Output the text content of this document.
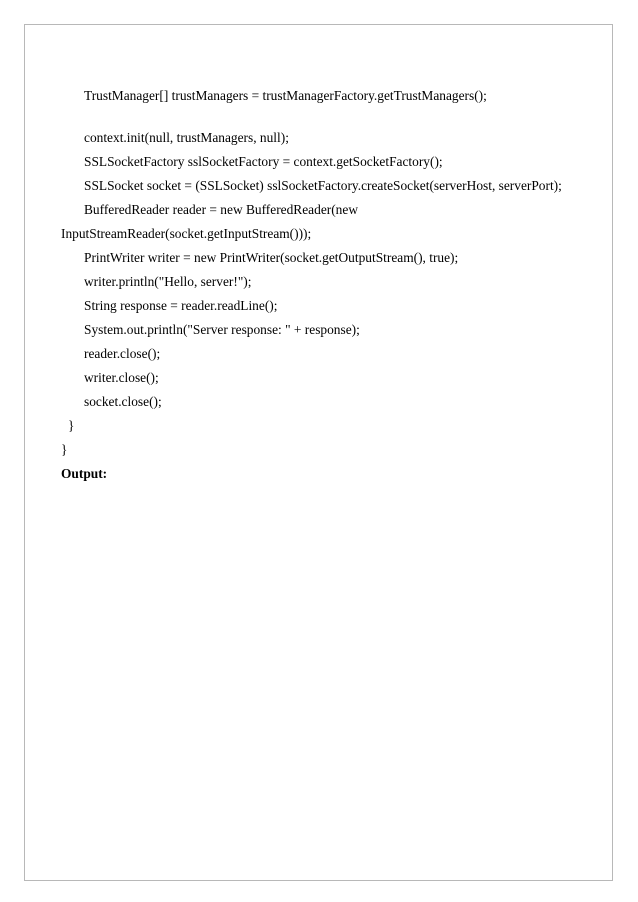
TrustManager[] trustManagers = trustManagerFactory.getTrustManagers();
context.init(null, trustManagers, null);
SSLSocketFactory sslSocketFactory = context.getSocketFactory();
SSLSocket socket = (SSLSocket) sslSocketFactory.createSocket(serverHost, serverPort);
BufferedReader reader = new BufferedReader(new
InputStreamReader(socket.getInputStream()));
PrintWriter writer = new PrintWriter(socket.getOutputStream(), true);
writer.println("Hello, server!");
String response = reader.readLine();
System.out.println("Server response: " + response);
reader.close();
writer.close();
socket.close();
}
}
Output:
